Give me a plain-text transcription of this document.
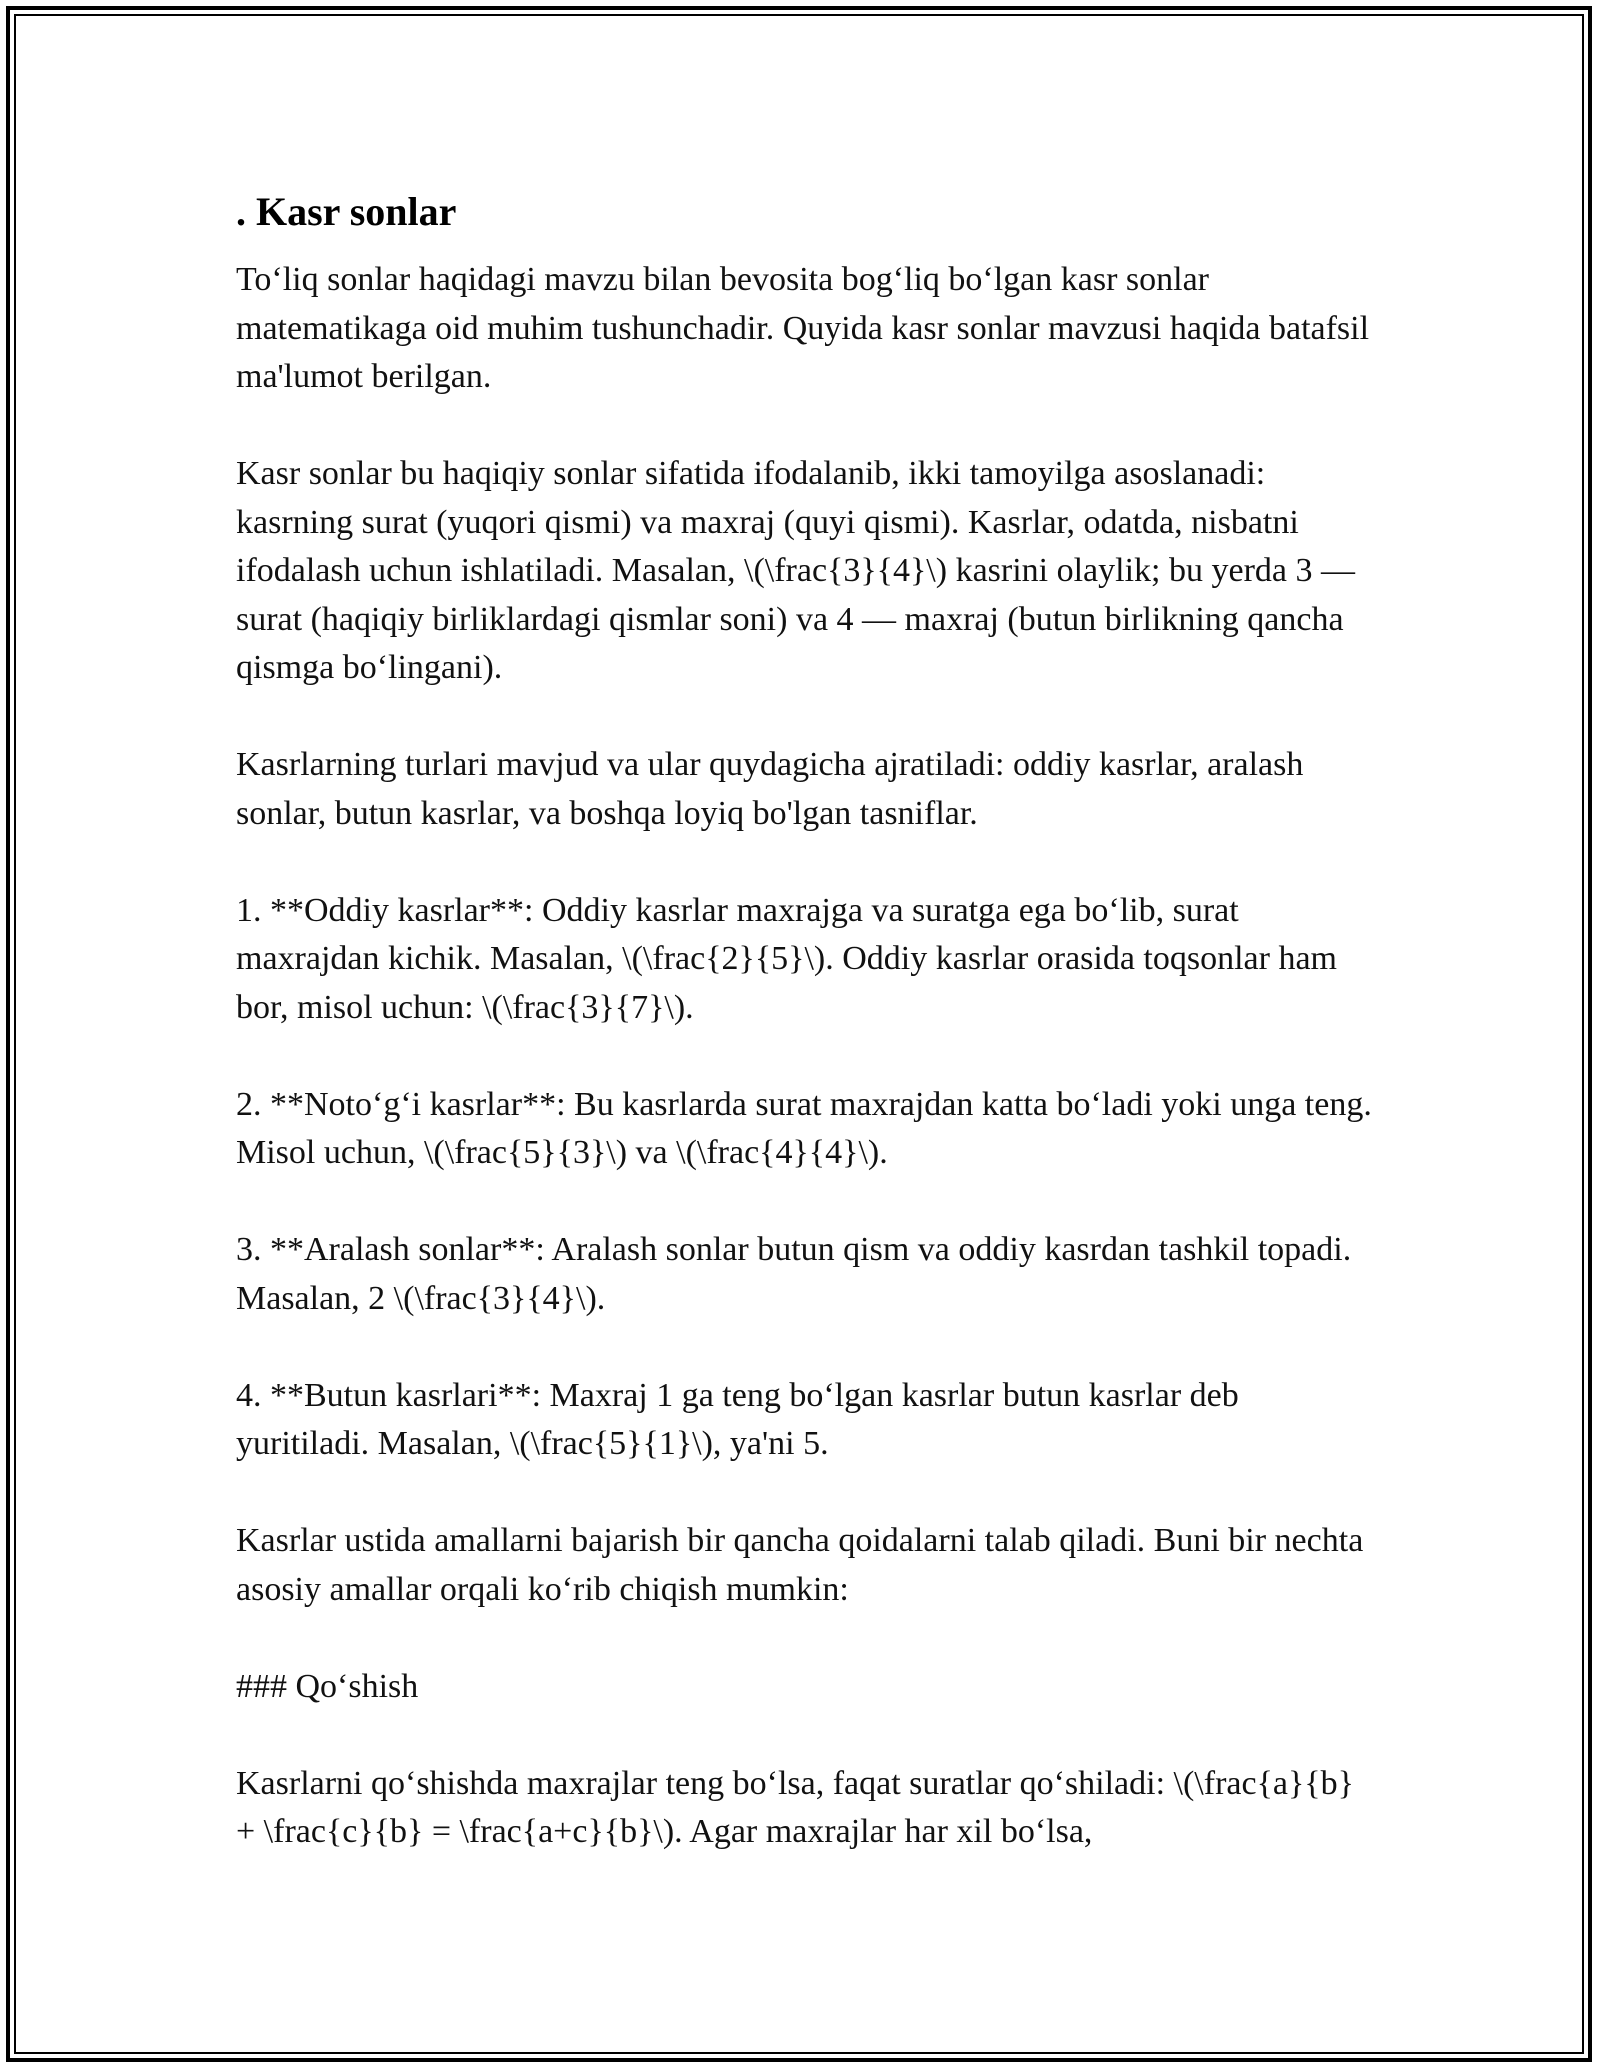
. Kasr sonlar

To‘liq sonlar haqidagi mavzu bilan bevosita bog‘liq bo‘lgan kasr sonlar matematikaga oid muhim tushunchadir. Quyida kasr sonlar mavzusi haqida batafsil ma'lumot berilgan.

Kasr sonlar bu haqiqiy sonlar sifatida ifodalanib, ikki tamoyilga asoslanadi: kasrning surat (yuqori qismi) va maxraj (quyi qismi). Kasrlar, odatda, nisbatni ifodalash uchun ishlatiladi. Masalan, \(\frac{3}{4}\) kasrini olaylik; bu yerda 3 — surat (haqiqiy birliklardagi qismlar soni) va 4 — maxraj (butun birlikning qancha qismga bo‘lingani).

Kasrlarning turlari mavjud va ular quydagicha ajratiladi: oddiy kasrlar, aralash sonlar, butun kasrlar, va boshqa loyiq bo'lgan tasniflar.

1. **Oddiy kasrlar**: Oddiy kasrlar maxrajga va suratga ega bo‘lib, surat maxrajdan kichik. Masalan, \(\frac{2}{5}\). Oddiy kasrlar orasida toqsonlar ham bor, misol uchun: \(\frac{3}{7}\).

2. **Noto‘g‘i kasrlar**: Bu kasrlarda surat maxrajdan katta bo‘ladi yoki unga teng. Misol uchun, \(\frac{5}{3}\) va \(\frac{4}{4}\).

3. **Aralash sonlar**: Aralash sonlar butun qism va oddiy kasrdan tashkil topadi. Masalan, 2 \(\frac{3}{4}\).

4. **Butun kasrlari**: Maxraj 1 ga teng bo‘lgan kasrlar butun kasrlar deb yuritiladi. Masalan, \(\frac{5}{1}\), ya'ni 5.

Kasrlar ustida amallarni bajarish bir qancha qoidalarni talab qiladi. Buni bir nechta asosiy amallar orqali ko‘rib chiqish mumkin:

### Qo‘shish

Kasrlarni qo‘shishda maxrajlar teng bo‘lsa, faqat suratlar qo‘shiladi: \(\frac{a}{b} + \frac{c}{b} = \frac{a+c}{b}\). Agar maxrajlar har xil bo‘lsa,
